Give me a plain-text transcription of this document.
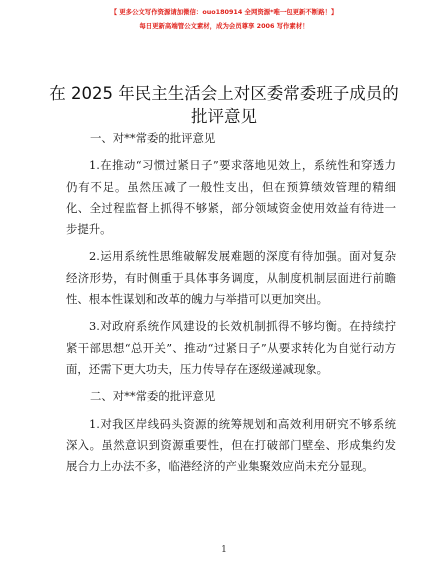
【 更多公文写作资源请加微信：ouo180914 全网资源*唯一包更新不断路！】
每日更新高端管公文素材，成为会员尊享 2006 写作素材！
在 2025 年民主生活会上对区委常委班子成员的
批评意见
一、对**常委的批评意见

1.在推动“习惯过紧日子”要求落地见效上，系统性和穿透力仍有不足。虽然压减了一般性支出，但在预算绩效管理的精细化、全过程监督上抓得不够紧，部分领域资金使用效益有待进一步提升。

2.运用系统性思维破解发展难题的深度有待加强。面对复杂经济形势，有时侧重于具体事务调度，从制度机制层面进行前瞻性、根本性谋划和改革的魄力与举措可以更加突出。

3.对政府系统作风建设的长效机制抓得不够均衡。在持续拧紧干部思想“总开关”、推动“过紧日子”从要求转化为自觉行动方面，还需下更大功夫，压力传导存在逐级递减现象。

二、对**常委的批评意见

1.对我区岸线码头资源的统筹规划和高效利用研究不够系统深入。虽然意识到资源重要性，但在打破部门壁垒、形成集约发展合力上办法不多，临港经济的产业集聚效应尚未充分显现。

1
